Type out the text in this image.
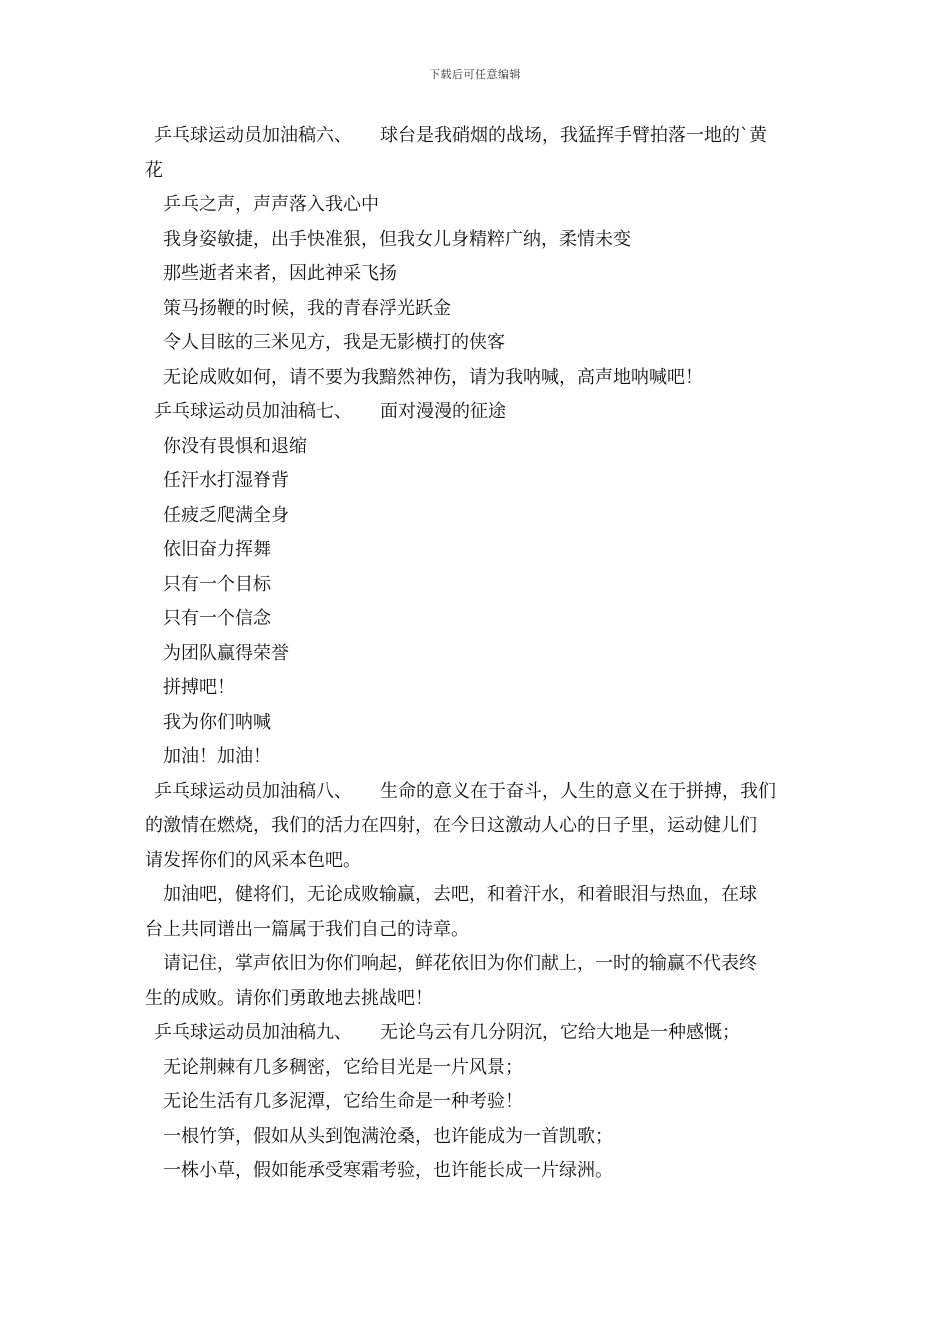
下载后可任意编辑

乒乓球运动员加油稿六、 球台是我硝烟的战场，我猛挥手臂拍落一地的`黄

花

乒乓之声，声声落入我心中

我身姿敏捷，出手快准狠，但我女儿身精粹广纳，柔情未变

那些逝者来者，因此神采飞扬

策马扬鞭的时候，我的青春浮光跃金

令人目眩的三米见方，我是无影横打的侠客

无论成败如何，请不要为我黯然神伤，请为我呐喊，高声地呐喊吧！

乒乓球运动员加油稿七、 面对漫漫的征途

你没有畏惧和退缩

任汗水打湿脊背

任疲乏爬满全身

依旧奋力挥舞

只有一个目标

只有一个信念

为团队赢得荣誉

拼搏吧！

我为你们呐喊

加油！加油！

乒乓球运动员加油稿八、 生命的意义在于奋斗，人生的意义在于拼搏，我们

的激情在燃烧，我们的活力在四射，在今日这激动人心的日子里，运动健儿们

请发挥你们的风采本色吧。

加油吧，健将们，无论成败输赢，去吧，和着汗水，和着眼泪与热血，在球

台上共同谱出一篇属于我们自己的诗章。

请记住，掌声依旧为你们响起，鲜花依旧为你们献上，一时的输赢不代表终

生的成败。请你们勇敢地去挑战吧！

乒乓球运动员加油稿九、 无论乌云有几分阴沉，它给大地是一种感慨；

无论荆棘有几多稠密，它给目光是一片风景；

无论生活有几多泥潭，它给生命是一种考验！

一根竹笋，假如从头到饱满沧桑，也许能成为一首凯歌；

一株小草，假如能承受寒霜考验，也许能长成一片绿洲。
